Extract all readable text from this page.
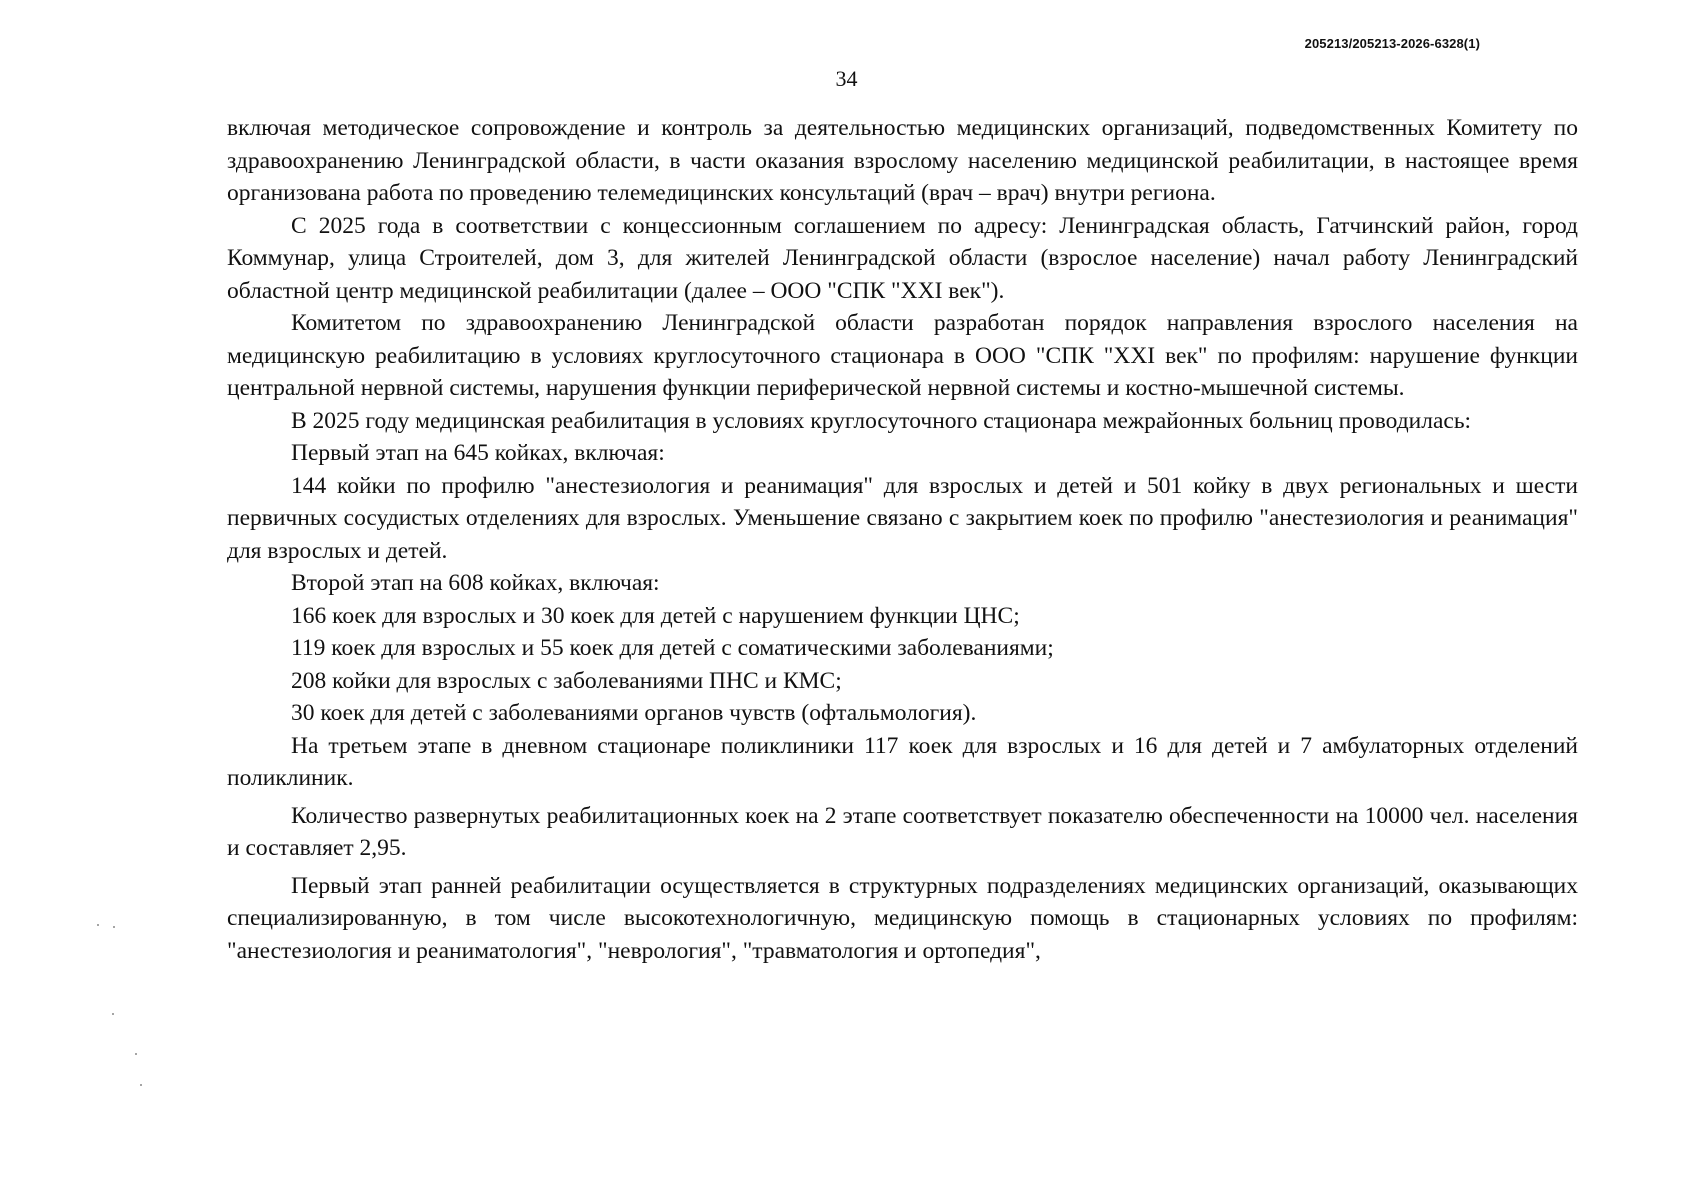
205213/205213-2026-6328(1)
34

включая методическое сопровождение и контроль за деятельностью медицинских организаций, подведомственных Комитету по здравоохранению Ленинградской области, в части оказания взрослому населению медицинской реабилитации, в настоящее время организована работа по проведению телемедицинских консультаций (врач – врач) внутри региона.

С 2025 года в соответствии с концессионным соглашением по адресу: Ленинградская область, Гатчинский район, город Коммунар, улица Строителей, дом 3, для жителей Ленинградской области (взрослое население) начал работу Ленинградский областной центр медицинской реабилитации (далее – ООО "СПК "XXI век").

Комитетом по здравоохранению Ленинградской области разработан порядок направления взрослого населения на медицинскую реабилитацию в условиях круглосуточного стационара в ООО "СПК "XXI век" по профилям: нарушение функции центральной нервной системы, нарушения функции периферической нервной системы и костно-мышечной системы.

В 2025 году медицинская реабилитация в условиях круглосуточного стационара межрайонных больниц проводилась:

Первый этап на 645 койках, включая:

144 койки по профилю "анестезиология и реанимация" для взрослых и детей и 501 койку в двух региональных и шести первичных сосудистых отделениях для взрослых. Уменьшение связано с закрытием коек по профилю "анестезиология и реанимация" для взрослых и детей.

Второй этап на 608 койках, включая:

166 коек для взрослых и 30 коек для детей с нарушением функции ЦНС;

119 коек для взрослых и 55 коек для детей с соматическими заболеваниями;

208 койки для взрослых с заболеваниями ПНС и КМС;

30 коек для детей с заболеваниями органов чувств (офтальмология).

На третьем этапе в дневном стационаре поликлиники 117 коек для взрослых и 16 для детей и 7 амбулаторных отделений поликлиник.

Количество развернутых реабилитационных коек на 2 этапе соответствует показателю обеспеченности на 10000 чел. населения и составляет 2,95.

Первый этап ранней реабилитации осуществляется в структурных подразделениях медицинских организаций, оказывающих специализированную, в том числе высокотехнологичную, медицинскую помощь в стационарных условиях по профилям: "анестезиология и реаниматология", "неврология", "травматология и ортопедия",
